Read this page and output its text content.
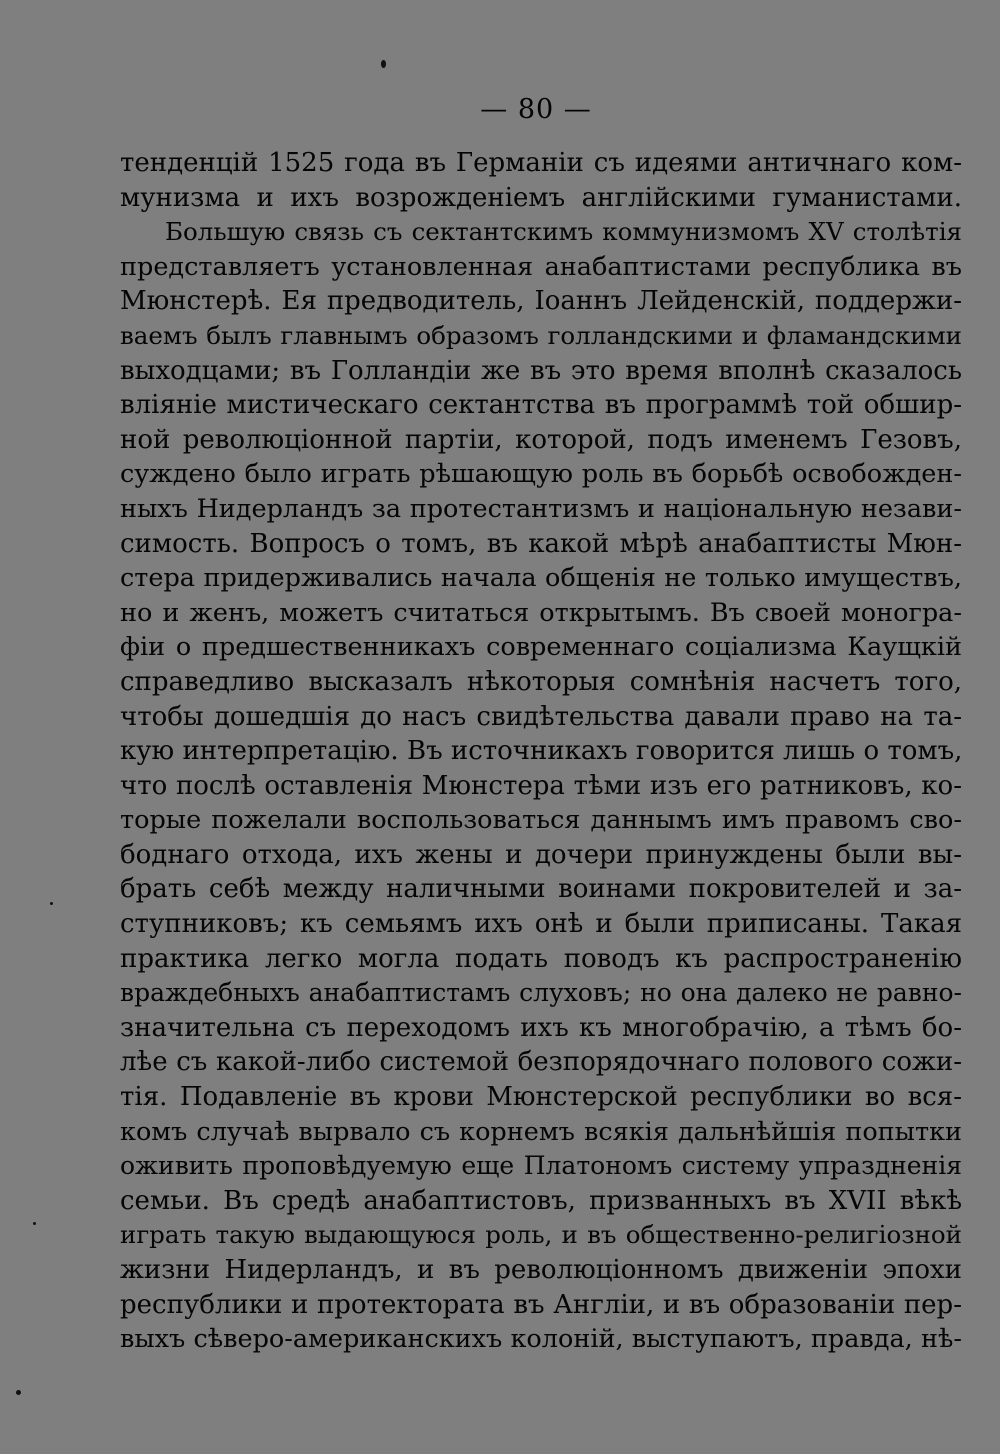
— 80 —
тенденцій 1525 года въ Германіи съ идеями античнаго ком-
мунизма и ихъ возрожденіемъ англійскими гуманистами.
Большую связь съ сектантскимъ коммунизмомъ XV столѣтія
представляетъ установленная анабаптистами республика въ
Мюнстерѣ. Ея предводитель, Іоаннъ Лейденскій, поддержи-
ваемъ былъ главнымъ образомъ голландскими и фламандскими
выходцами; въ Голландіи же въ это время вполнѣ сказалось
вліяніе мистическаго сектантства въ программѣ той обшир-
ной революціонной партіи, которой, подъ именемъ Гезовъ,
суждено было играть рѣшающую роль въ борьбѣ освобожден-
ныхъ Нидерландъ за протестантизмъ и національную незави-
симость. Вопросъ о томъ, въ какой мѣрѣ анабаптисты Мюн-
стера придерживались начала общенія не только имуществъ,
но и женъ, можетъ считаться открытымъ. Въ своей моногра-
фіи о предшественникахъ современнаго соціализма Каущкій
справедливо высказалъ нѣкоторыя сомнѣнія насчетъ того,
чтобы дошедшія до насъ свидѣтельства давали право на та-
кую интерпретацію. Въ источникахъ говорится лишь о томъ,
что послѣ оставленія Мюнстера тѣми изъ его ратниковъ, ко-
торые пожелали воспользоваться даннымъ имъ правомъ сво-
боднаго отхода, ихъ жены и дочери принуждены были вы-
брать себѣ между наличными воинами покровителей и за-
ступниковъ; къ семьямъ ихъ онѣ и были приписаны. Такая
практика легко могла подать поводъ къ распространенію
враждебныхъ анабаптистамъ слуховъ; но она далеко не равно-
значительна съ переходомъ ихъ къ многобрачію, а тѣмъ бо-
лѣе съ какой-либо системой безпорядочнаго полового сожи-
тія. Подавленіе въ крови Мюнстерской республики во вся-
комъ случаѣ вырвало съ корнемъ всякія дальнѣйшія попытки
оживить проповѣдуемую еще Платономъ систему упраздненія
семьи. Въ средѣ анабаптистовъ, призванныхъ въ XVII вѣкѣ
играть такую выдающуюся роль, и въ общественно-религіозной
жизни Нидерландъ, и въ революціонномъ движеніи эпохи
республики и протектората въ Англіи, и въ образованіи пер-
выхъ сѣверо-американскихъ колоній, выступаютъ, правда, нѣ-
